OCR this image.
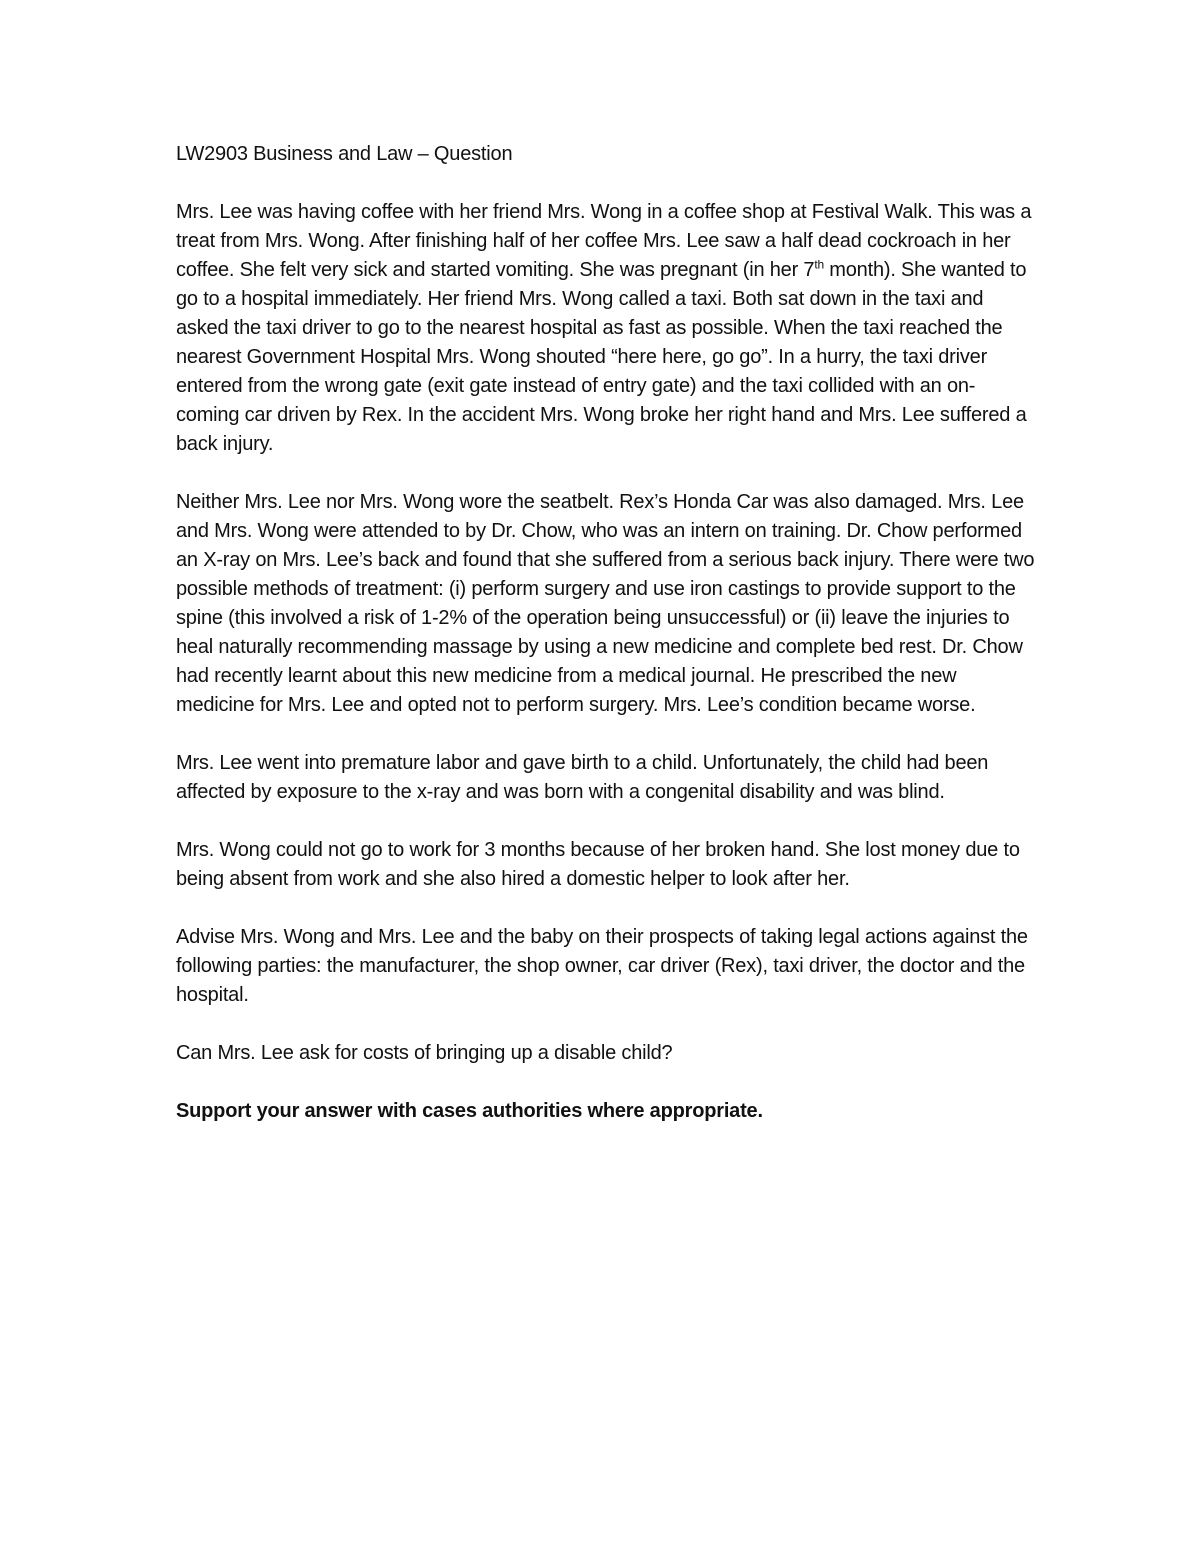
LW2903 Business and Law – Question

Mrs. Lee was having coffee with her friend Mrs. Wong in a coffee shop at Festival Walk. This was a treat from Mrs. Wong. After finishing half of her coffee Mrs. Lee saw a half dead cockroach in her coffee. She felt very sick and started vomiting. She was pregnant (in her 7th month). She wanted to go to a hospital immediately. Her friend Mrs. Wong called a taxi. Both sat down in the taxi and asked the taxi driver to go to the nearest hospital as fast as possible. When the taxi reached the nearest Government Hospital Mrs. Wong shouted “here here, go go”. In a hurry, the taxi driver entered from the wrong gate (exit gate instead of entry gate) and the taxi collided with an on-coming car driven by Rex. In the accident Mrs. Wong broke her right hand and Mrs. Lee suffered a back injury.

Neither Mrs. Lee nor Mrs. Wong wore the seatbelt. Rex’s Honda Car was also damaged. Mrs. Lee and Mrs. Wong were attended to by Dr. Chow, who was an intern on training. Dr. Chow performed an X-ray on Mrs. Lee’s back and found that she suffered from a serious back injury. There were two possible methods of treatment: (i) perform surgery and use iron castings to provide support to the spine (this involved a risk of 1-2% of the operation being unsuccessful) or (ii) leave the injuries to heal naturally recommending massage by using a new medicine and complete bed rest. Dr. Chow had recently learnt about this new medicine from a medical journal. He prescribed the new medicine for Mrs. Lee and opted not to perform surgery. Mrs. Lee’s condition became worse.

Mrs. Lee went into premature labor and gave birth to a child. Unfortunately, the child had been affected by exposure to the x-ray and was born with a congenital disability and was blind.

Mrs. Wong could not go to work for 3 months because of her broken hand. She lost money due to being absent from work and she also hired a domestic helper to look after her.

Advise Mrs. Wong and Mrs. Lee and the baby on their prospects of taking legal actions against the following parties: the manufacturer, the shop owner, car driver (Rex), taxi driver, the doctor and the hospital.

Can Mrs. Lee ask for costs of bringing up a disable child?

Support your answer with cases authorities where appropriate.
